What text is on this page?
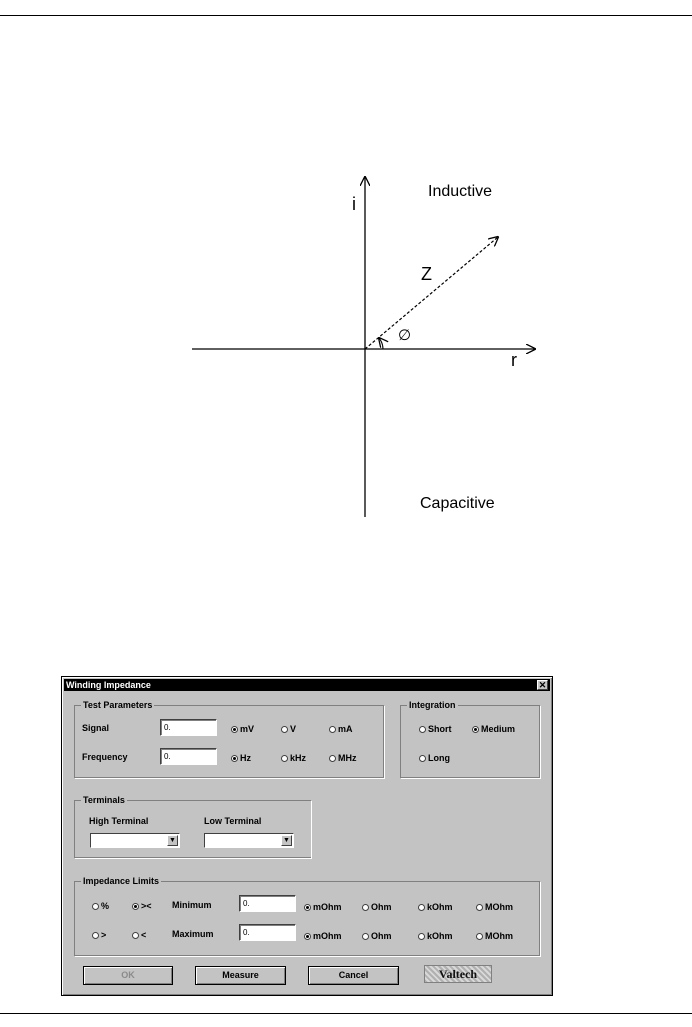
i
r
Z
∅
Inductive
Capacitive
Winding Impedance	✕
Test Parameters
Signal	0.	mV	V	mA
Frequency	0.	Hz	kHz	MHz
Integration
Short	Medium
Long
Terminals
High Terminal
▼
Low Terminal
▼
Impedance Limits
%	>< Minimum	0.	mOhm	Ohm	kOhm	MOhm
>	<	Maximum	0.	mOhm	Ohm	kOhm	MOhm
OK	Measure	Cancel	Valtech
